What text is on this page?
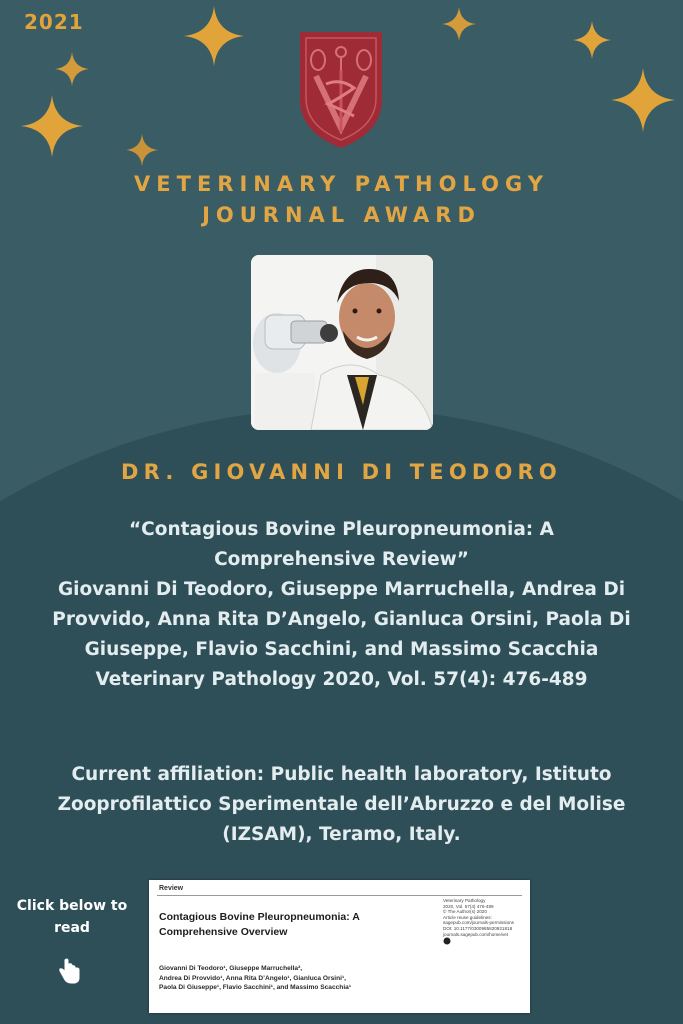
2021
VETERINARY PATHOLOGY
JOURNAL AWARD
DR. GIOVANNI DI TEODORO
“Contagious Bovine Pleuropneumonia: A
Comprehensive Review”
Giovanni Di Teodoro, Giuseppe Marruchella, Andrea Di
Provvido, Anna Rita D’Angelo, Gianluca Orsini, Paola Di
Giuseppe, Flavio Sacchini, and Massimo Scacchia
Veterinary Pathology 2020, Vol. 57(4): 476-489
Current affiliation: Public health laboratory, Istituto
Zooprofilattico Sperimentale dell’Abruzzo e del Molise
(IZSAM), Teramo, Italy.
Click below to
read
Review
Veterinary Pathology
2020, Vol. 57(4) 476-489
© The Author(s) 2020
Article reuse guidelines:
sagepub.com/journals-permissions
DOI: 10.1177/0300985820921818
journals.sagepub.com/home/vet
Contagious Bovine Pleuropneumonia: A
Comprehensive Overview
Giovanni Di Teodoro¹, Giuseppe Marruchella²,
Andrea Di Provvido¹, Anna Rita D’Angelo¹, Gianluca Orsini¹,
Paola Di Giuseppe¹, Flavio Sacchini¹, and Massimo Scacchia¹
